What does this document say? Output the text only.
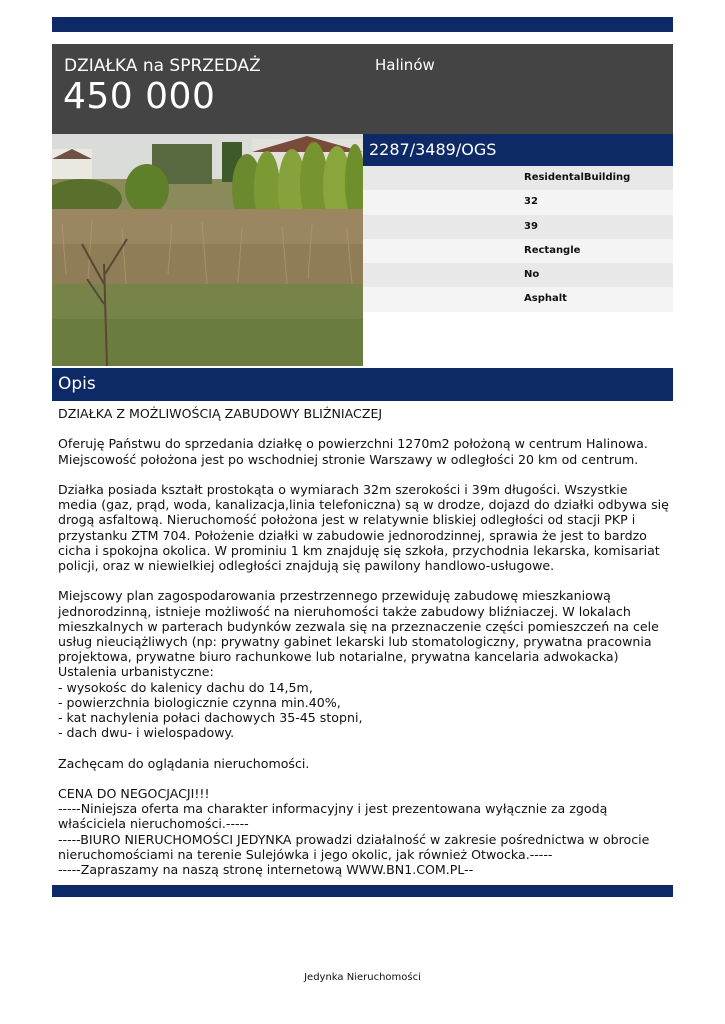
DZIAŁKA na SPRZEDAŻ
450 000
Halinów
2287/3489/OGS
ResidentalBuilding
32
39
Rectangle
No
Asphalt
Opis

DZIAŁKA Z MOŻLIWOŚCIĄ ZABUDOWY BLIŹNIACZEJ

Oferuję Państwu do sprzedania działkę o powierzchni 1270m2 położoną w centrum Halinowa. Miejscowość położona jest po wschodniej stronie Warszawy w odległości 20 km od centrum.

Działka posiada kształt prostokąta o wymiarach 32m szerokości i 39m długości. Wszystkie media (gaz, prąd, woda, kanalizacja,linia telefoniczna) są w drodze, dojazd do działki odbywa się drogą asfaltową. Nieruchomość położona jest w relatywnie bliskiej odległości od stacji PKP i przystanku ZTM 704. Położenie działki w zabudowie jednorodzinnej, sprawia że jest to bardzo cicha i spokojna okolica. W prominiu 1 km znajduję się szkoła, przychodnia lekarska, komisariat policji, oraz w niewielkiej odległości znajdują się pawilony handlowo-usługowe.

Miejscowy plan zagospodarowania przestrzennego przewiduję zabudowę mieszkaniową jednorodzinną, istnieje możliwość na nieruhomości także zabudowy bliźniaczej. W lokalach mieszkalnych w parterach budynków zezwala się na przeznaczenie części pomieszczeń na cele usług nieuciążliwych (np: prywatny gabinet lekarski lub stomatologiczny, prywatna pracownia projektowa, prywatne biuro rachunkowe lub notarialne, prywatna kancelaria adwokacka)
Ustalenia urbanistyczne:
- wysokośc do kalenicy dachu do 14,5m,
- powierzchnia biologicznie czynna min.40%,
- kat nachylenia połaci dachowych 35-45 stopni,
- dach dwu- i wielospadowy.

Zachęcam do oglądania nieruchomości.

CENA DO NEGOCJACJI!!!
-----Niniejsza oferta ma charakter informacyjny i jest prezentowana wyłącznie za zgodą właściciela nieruchomości.-----
-----BIURO NIERUCHOMOŚCI JEDYNKA prowadzi działalność w zakresie pośrednictwa w obrocie nieruchomościami na terenie Sulejówka i jego okolic, jak również Otwocka.-----
-----Zapraszamy na naszą stronę internetową WWW.BN1.COM.PL--

Jedynka Nieruchomości
